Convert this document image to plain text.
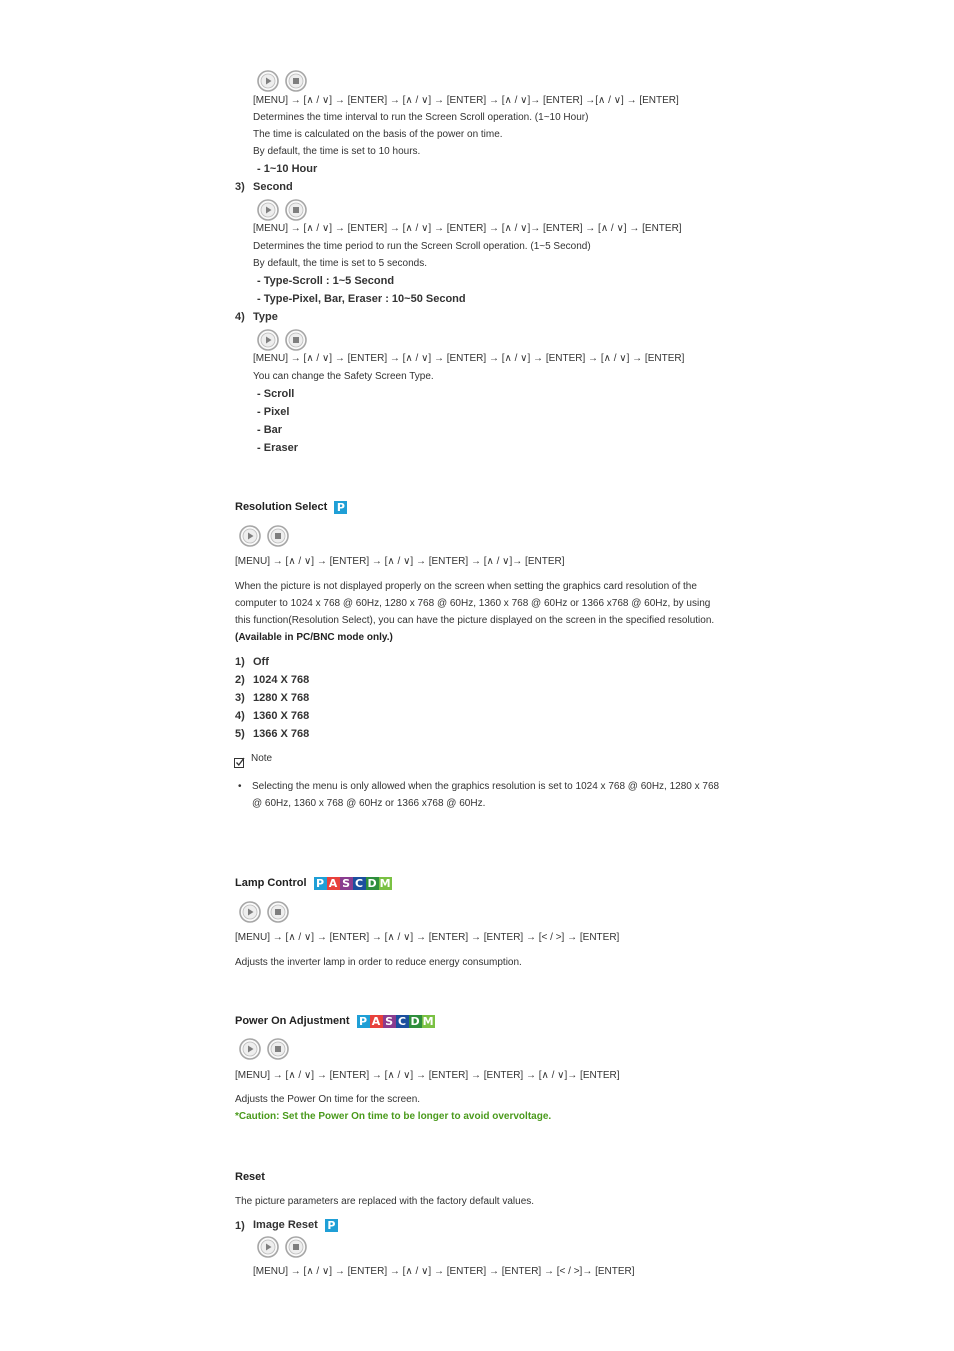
[MENU] → [∧ / ∨] → [ENTER] → [∧ / ∨] → [ENTER] → [∧ / ∨]→ [ENTER] →[∧ / ∨] → [ENTER]
Determines the time interval to run the Screen Scroll operation. (1~10 Hour)
The time is calculated on the basis of the power on time.
By default, the time is set to 10 hours.
- 1~10 Hour
3) Second
[MENU] → [∧ / ∨] → [ENTER] → [∧ / ∨] → [ENTER] → [∧ / ∨]→ [ENTER] → [∧ / ∨] → [ENTER]
Determines the time period to run the Screen Scroll operation. (1~5 Second)
By default, the time is set to 5 seconds.
- Type-Scroll : 1~5 Second
- Type-Pixel, Bar, Eraser : 10~50 Second
4) Type
[MENU] → [∧ / ∨] → [ENTER] → [∧ / ∨] → [ENTER] → [∧ / ∨] → [ENTER] → [∧ / ∨] → [ENTER]
You can change the Safety Screen Type.
- Scroll
- Pixel
- Bar
- Eraser
Resolution Select P
[MENU] → [∧ / ∨] → [ENTER] → [∧ / ∨] → [ENTER] → [∧ / ∨]→ [ENTER]
When the picture is not displayed properly on the screen when setting the graphics card resolution of the
computer to 1024 x 768 @ 60Hz, 1280 x 768 @ 60Hz, 1360 x 768 @ 60Hz or 1366 x768 @ 60Hz, by using
this function(Resolution Select), you can have the picture displayed on the screen in the specified resolution.
(Available in PC/BNC mode only.)
1) Off
2) 1024 X 768
3) 1280 X 768
4) 1360 X 768
5) 1366 X 768
Note
• Selecting the menu is only allowed when the graphics resolution is set to 1024 x 768 @ 60Hz, 1280 x 768
@ 60Hz, 1360 x 768 @ 60Hz or 1366 x768 @ 60Hz.
Lamp Control P A S C D M
[MENU] → [∧ / ∨] → [ENTER] → [∧ / ∨] → [ENTER] → [ENTER] → [< / >] → [ENTER]
Adjusts the inverter lamp in order to reduce energy consumption.
Power On Adjustment P A S C D M
[MENU] → [∧ / ∨] → [ENTER] → [∧ / ∨] → [ENTER] → [ENTER] → [∧ / ∨]→ [ENTER]
Adjusts the Power On time for the screen.
*Caution: Set the Power On time to be longer to avoid overvoltage.
Reset
The picture parameters are replaced with the factory default values.
1) Image Reset P
[MENU] → [∧ / ∨] → [ENTER] → [∧ / ∨] → [ENTER] → [ENTER] → [< / >]→ [ENTER]
